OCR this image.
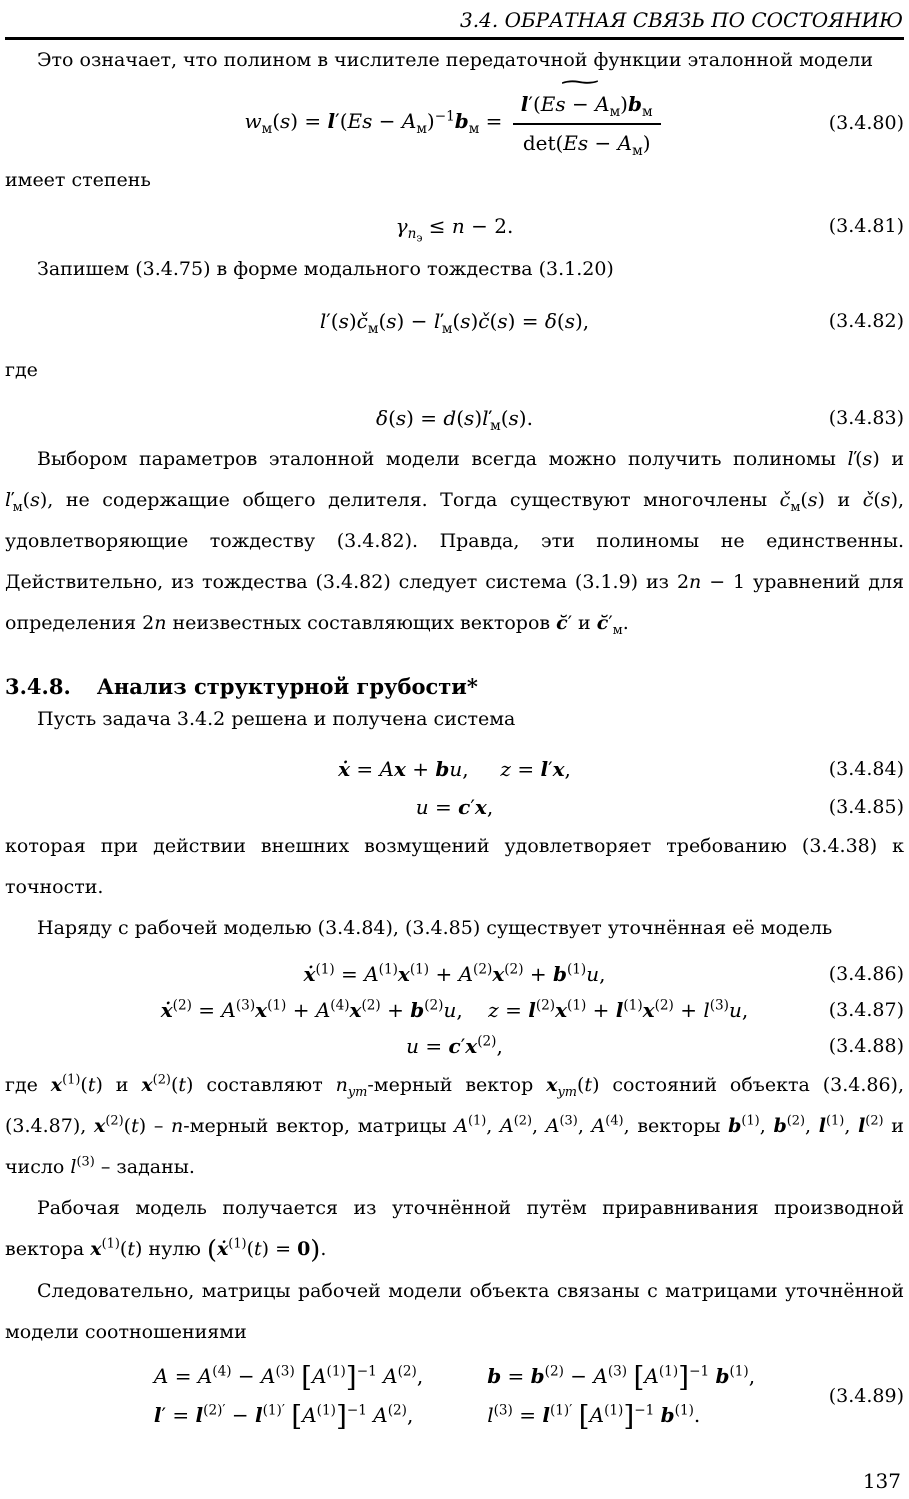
3.4. ОБРАТНАЯ СВЯЗЬ ПО СОСТОЯНИЮ

Это означает, что полином в числителе передаточной функции эталонной модели

$w_м(s) = l'(Es - A_м)^{-1}b_м = l'(Es$
∼
− $A_м)b_м$
$\det(Es - A_м)$	(3.4.80)

имеет степень

$\gamma_{n_э} \le n - 2$.	(3.4.81)

Запишем (3.4.75) в форме модального тождества (3.1.20)

$l'(s)č_м(s)$ − $ľ_м(s)č(s) = \delta(s)$,	(3.4.82)

где

$\delta(s) = d(s)ľ_м(s)$.	(3.4.83)

Выбором параметров эталонной модели всегда можно получить полиномы ľ(s) и $ľ_м(s)$, не содержащие общего делителя. Тогда существуют многочлены $č_м(s)$ и č(s), удовлетворяющие тождеству (3.4.82). Правда, эти полиномы не единственны. Действительно, из тождества (3.4.82) следует система (3.1.9) из 2n − 1 уравнений для определения 2n неизвестных составляющих векторов c̆′ и $c̆'_м$.

3.4.8. Анализ структурной грубости*

Пусть задача 3.4.2 решена и получена система

ẋ = Ax + bu,     z = l′x,	(3.4.84)
u = c′x,	(3.4.85)

которая при действии внешних возмущений удовлетворяет требованию (3.4.38) к точности.

Наряду с рабочей моделью (3.4.84), (3.4.85) существует уточнённая её модель

ẋ$^{(1)}$ = $A^{(1)}x^{(1)} + A^{(2)}x^{(2)} + b^{(1)}u$,	(3.4.86)
ẋ$^{(2)}$ = $A^{(3)}x^{(1)} + A^{(4)}x^{(2)} + b^{(2)}u$,    $z = l^{(2)}x^{(1)} + l^{(1)}x^{(2)} + l^{(3)}u$,	(3.4.87)
$u = c'x^{(2)}$,	(3.4.88)

где $x^{(1)}(t)$ и $x^{(2)}(t)$ составляют $n_{ym}$-мерный вектор $x_{ym}(t)$ состояний объекта (3.4.86), (3.4.87), $x^{(2)}(t)$ – n-мерный вектор, матрицы $A^{(1)}$, $A^{(2)}$, $A^{(3)}$, $A^{(4)}$, векторы $b^{(1)}$, $b^{(2)}$, $l^{(1)}$, $l^{(2)}$ и число $l^{(3)}$ – заданы.

Рабочая модель получается из уточнённой путём приравнивания производной вектора $x^{(1)}(t)$ нулю (ẋ$^{(1)}$(t) = 0).

Следовательно, матрицы рабочей модели объекта связаны с матрицами уточнённой модели соотношениями

$A = A^{(4)} - A^{(3)}$ $[A^{(1)}]^{-1}$ $A^{(2)}$,	$b = b^{(2)} - A^{(3)}$ $[A^{(1)}]^{-1}$ $b^{(1)}$,
$l' = l^{(2)'} - l^{(1)'}$ $[A^{(1)}]^{-1}$ $A^{(2)}$,	$l^{(3)} = l^{(1)'}$ $[A^{(1)}]^{-1}$ $b^{(1)}$.
(3.4.89)
137
